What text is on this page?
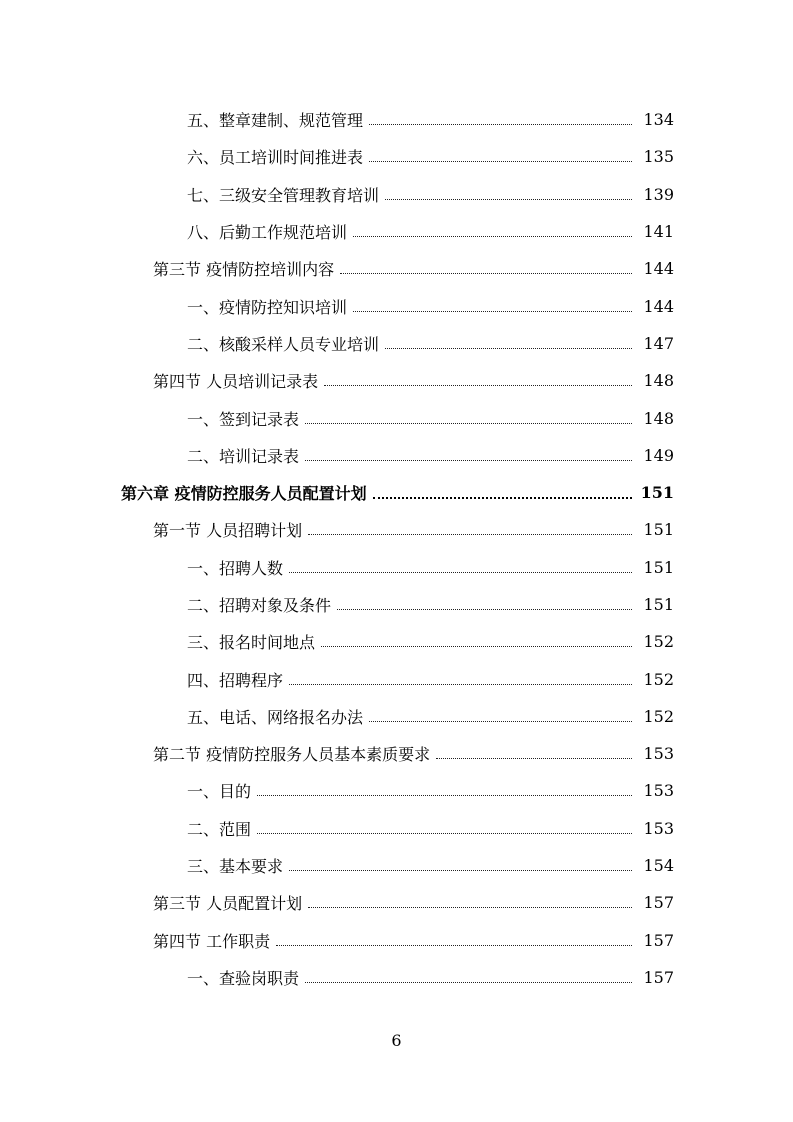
五、整章建制、规范管理	134
六、员工培训时间推进表	135
七、三级安全管理教育培训	139
八、后勤工作规范培训	141
第三节 疫情防控培训内容	144
一、疫情防控知识培训	144
二、核酸采样人员专业培训	147
第四节 人员培训记录表	148
一、签到记录表	148
二、培训记录表	149
第六章 疫情防控服务人员配置计划	151
第一节 人员招聘计划	151
一、招聘人数	151
二、招聘对象及条件	151
三、报名时间地点	152
四、招聘程序	152
五、电话、网络报名办法	152
第二节 疫情防控服务人员基本素质要求	153
一、目的	153
二、范围	153
三、基本要求	154
第三节 人员配置计划	157
第四节 工作职责	157
一、查验岗职责	157
6
